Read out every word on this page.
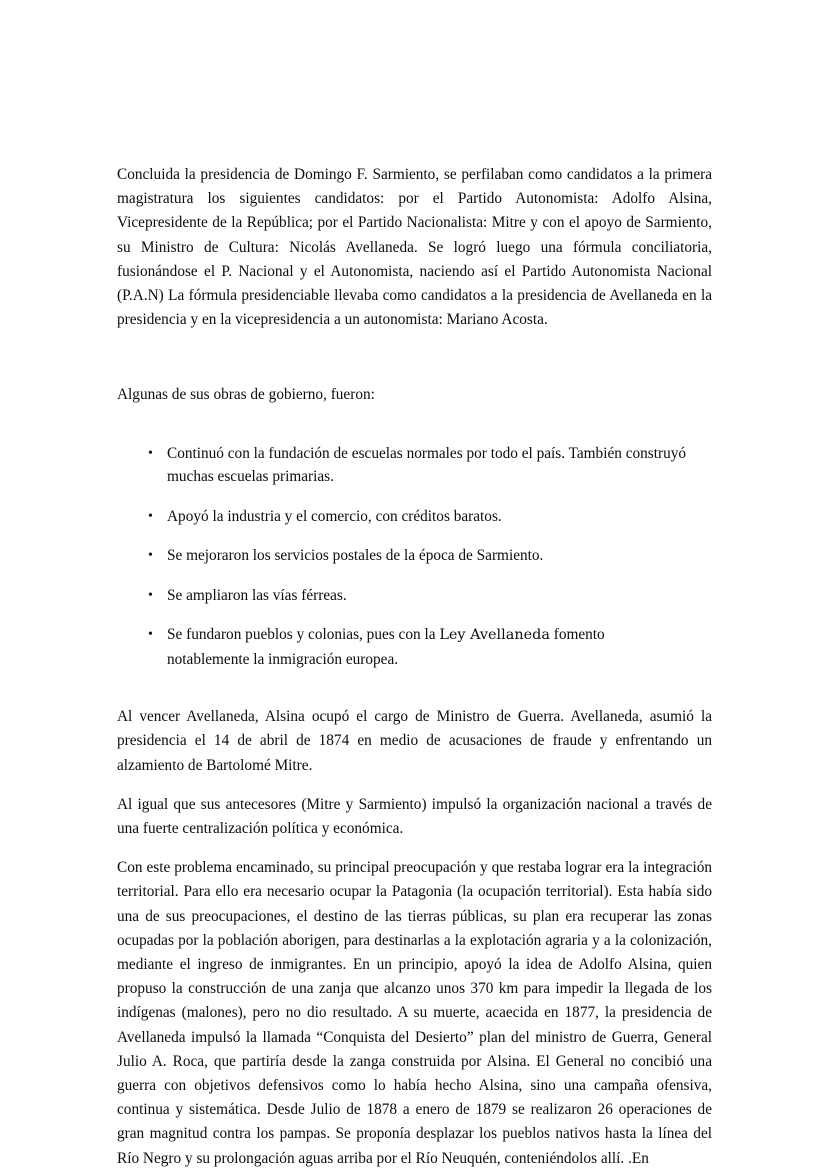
Concluida la presidencia de Domingo F. Sarmiento, se perfilaban como candidatos a la primera magistratura los siguientes candidatos: por el Partido Autonomista: Adolfo Alsina, Vicepresidente de la República; por el Partido Nacionalista: Mitre y con el apoyo de Sarmiento, su Ministro de Cultura: Nicolás Avellaneda. Se logró luego una fórmula conciliatoria, fusionándose el P. Nacional y el Autonomista, naciendo así el Partido Autonomista Nacional (P.A.N) La fórmula presidenciable llevaba como candidatos a la presidencia de Avellaneda en la presidencia y en la vicepresidencia a un autonomista: Mariano Acosta.

Algunas de sus obras de gobierno, fueron:

• Continuó con la fundación de escuelas normales por todo el país. También construyó muchas escuelas primarias.
• Apoyó la industria y el comercio, con créditos baratos.
• Se mejoraron los servicios postales de la época de Sarmiento.
• Se ampliaron las vías férreas.
• Se fundaron pueblos y colonias, pues con la Ley Avellaneda fomento notablemente la inmigración europea.

Al vencer Avellaneda, Alsina ocupó el cargo de Ministro de Guerra. Avellaneda, asumió la presidencia el 14 de abril de 1874 en medio de acusaciones de fraude y enfrentando un alzamiento de Bartolomé Mitre.

Al igual que sus antecesores (Mitre y Sarmiento) impulsó la organización nacional a través de una fuerte centralización política y económica.

Con este problema encaminado, su principal preocupación y que restaba lograr era la integración territorial. Para ello era necesario ocupar la Patagonia (la ocupación territorial). Esta había sido una de sus preocupaciones, el destino de las tierras públicas, su plan era recuperar las zonas ocupadas por la población aborigen, para destinarlas a la explotación agraria y a la colonización, mediante el ingreso de inmigrantes. En un principio, apoyó la idea de Adolfo Alsina, quien propuso la construcción de una zanja que alcanzo unos 370 km para impedir la llegada de los indígenas (malones), pero no dio resultado. A su muerte, acaecida en 1877, la presidencia de Avellaneda impulsó la llamada “Conquista del Desierto” plan del ministro de Guerra, General Julio A. Roca, que partiría desde la zanga construida por Alsina. El General no concibió una guerra con objetivos defensivos como lo había hecho Alsina, sino una campaña ofensiva, continua y sistemática. Desde Julio de 1878 a enero de 1879 se realizaron 26 operaciones de gran magnitud contra los pampas. Se proponía desplazar los pueblos nativos hasta la línea del Río Negro y su prolongación aguas arriba por el Río Neuquén, conteniéndolos allí. .En
